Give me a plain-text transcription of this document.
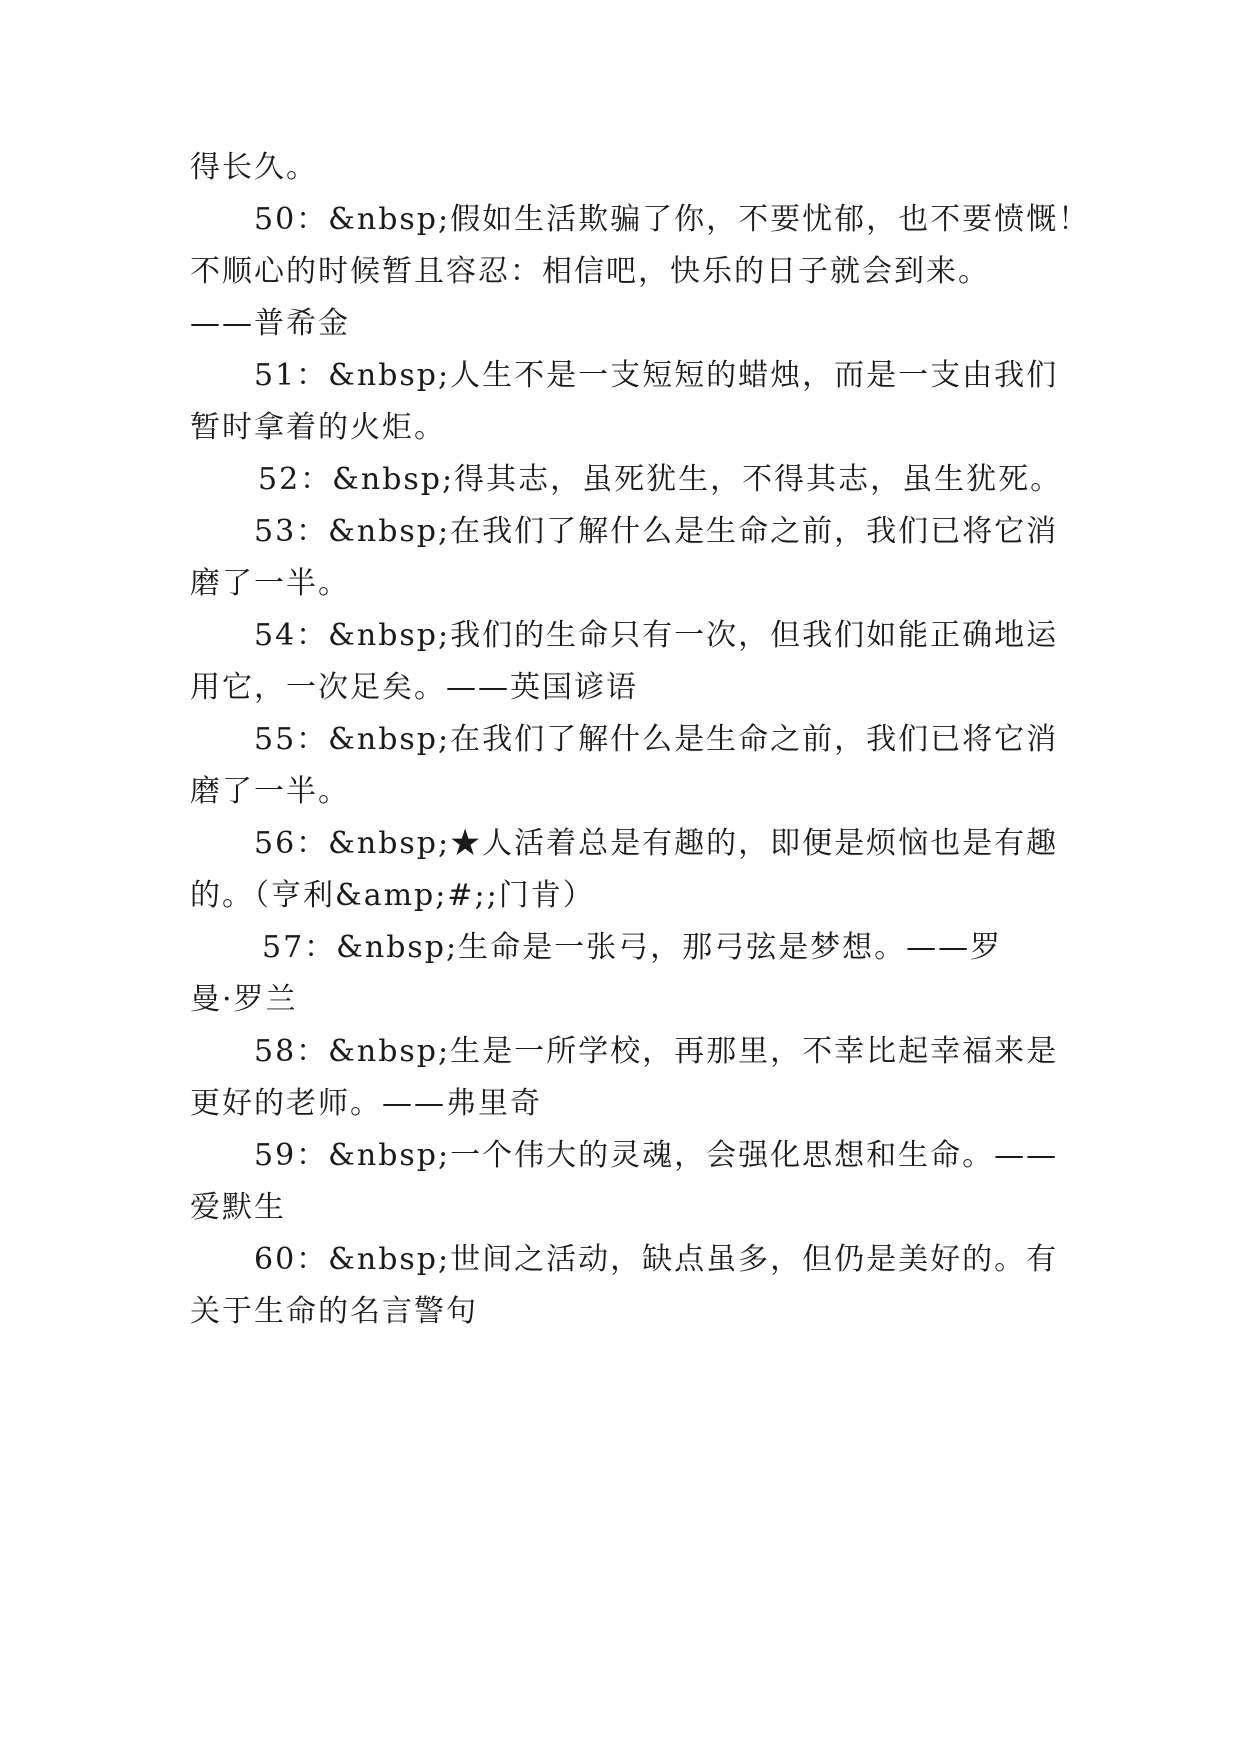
得长久。
50：&nbsp;假如生活欺骗了你，不要忧郁，也不要愤慨！
不顺心的时候暂且容忍：相信吧，快乐的日子就会到来。
——普希金
51：&nbsp;人生不是一支短短的蜡烛，而是一支由我们
暂时拿着的火炬。
52：&nbsp;得其志，虽死犹生，不得其志，虽生犹死。
53：&nbsp;在我们了解什么是生命之前，我们已将它消
磨了一半。
54：&nbsp;我们的生命只有一次，但我们如能正确地运
用它，一次足矣。——英国谚语
55：&nbsp;在我们了解什么是生命之前，我们已将它消
磨了一半。
56：&nbsp;★人活着总是有趣的，即便是烦恼也是有趣
的。（亨利&amp;#;;门肯）
57：&nbsp;生命是一张弓，那弓弦是梦想。——罗
曼·罗兰
58：&nbsp;生是一所学校，再那里，不幸比起幸福来是
更好的老师。——弗里奇
59：&nbsp;一个伟大的灵魂，会强化思想和生命。——
爱默生
60：&nbsp;世间之活动，缺点虽多，但仍是美好的。有
关于生命的名言警句
